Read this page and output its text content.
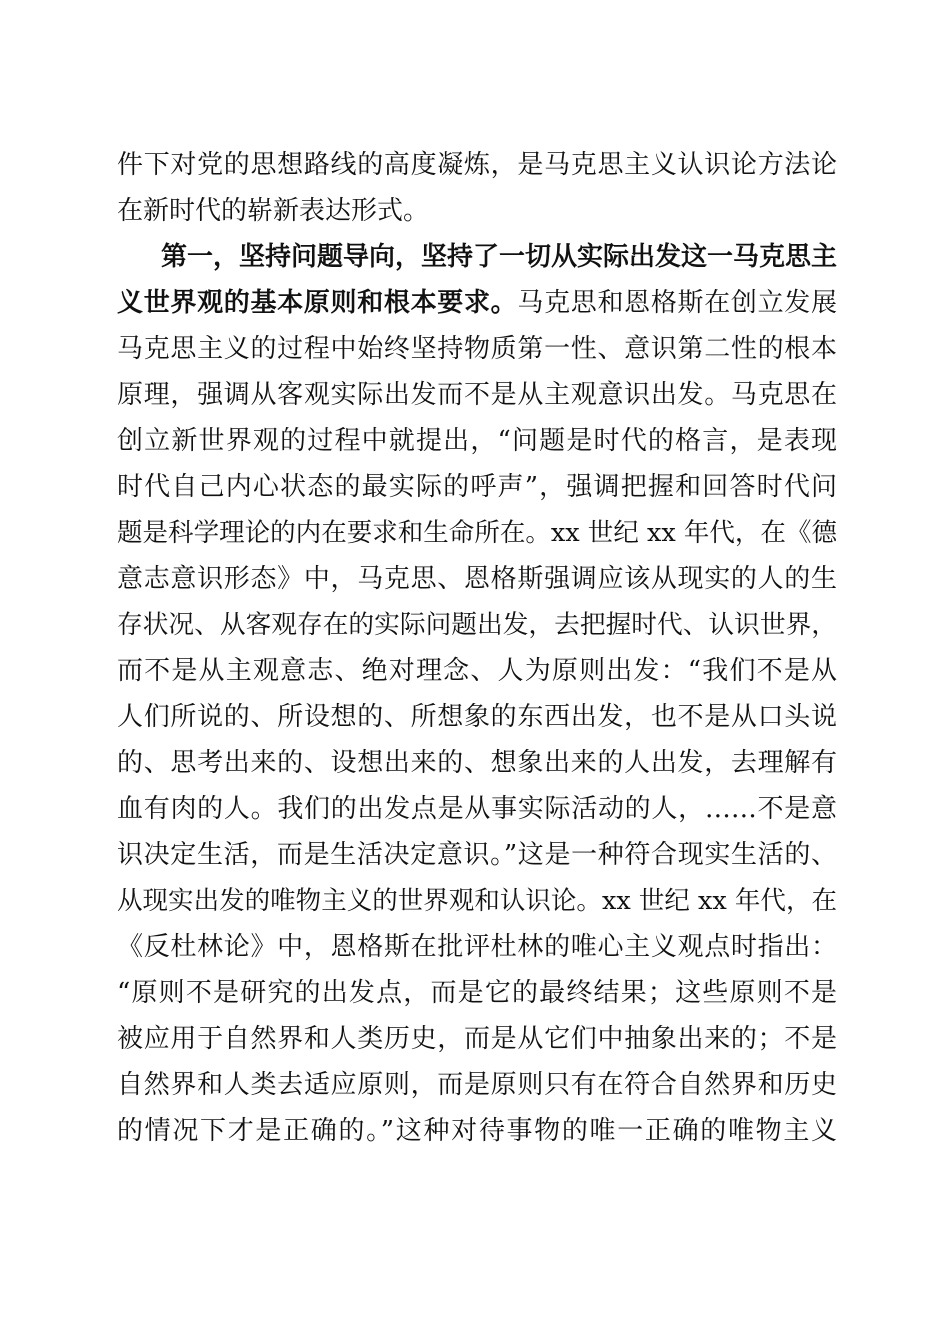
件下对党的思想路线的高度凝炼，是马克思主义认识论方法论
在新时代的崭新表达形式。
第一，坚持问题导向，坚持了一切从实际出发这一马克思主
义世界观的基本原则和根本要求。马克思和恩格斯在创立发展
马克思主义的过程中始终坚持物质第一性、意识第二性的根本
原理，强调从客观实际出发而不是从主观意识出发。马克思在
创立新世界观的过程中就提出，“问题是时代的格言，是表现
时代自己内心状态的最实际的呼声”，强调把握和回答时代问
题是科学理论的内在要求和生命所在。xx 世纪 xx 年代，在《德
意志意识形态》中，马克思、恩格斯强调应该从现实的人的生
存状况、从客观存在的实际问题出发，去把握时代、认识世界，
而不是从主观意志、绝对理念、人为原则出发：“我们不是从
人们所说的、所设想的、所想象的东西出发，也不是从口头说
的、思考出来的、设想出来的、想象出来的人出发，去理解有
血有肉的人。我们的出发点是从事实际活动的人，……不是意
识决定生活，而是生活决定意识。”这是一种符合现实生活的、
从现实出发的唯物主义的世界观和认识论。xx 世纪 xx 年代，在
《反杜林论》中，恩格斯在批评杜林的唯心主义观点时指出：
“原则不是研究的出发点，而是它的最终结果；这些原则不是
被应用于自然界和人类历史，而是从它们中抽象出来的；不是
自然界和人类去适应原则，而是原则只有在符合自然界和历史
的情况下才是正确的。”这种对待事物的唯一正确的唯物主义
